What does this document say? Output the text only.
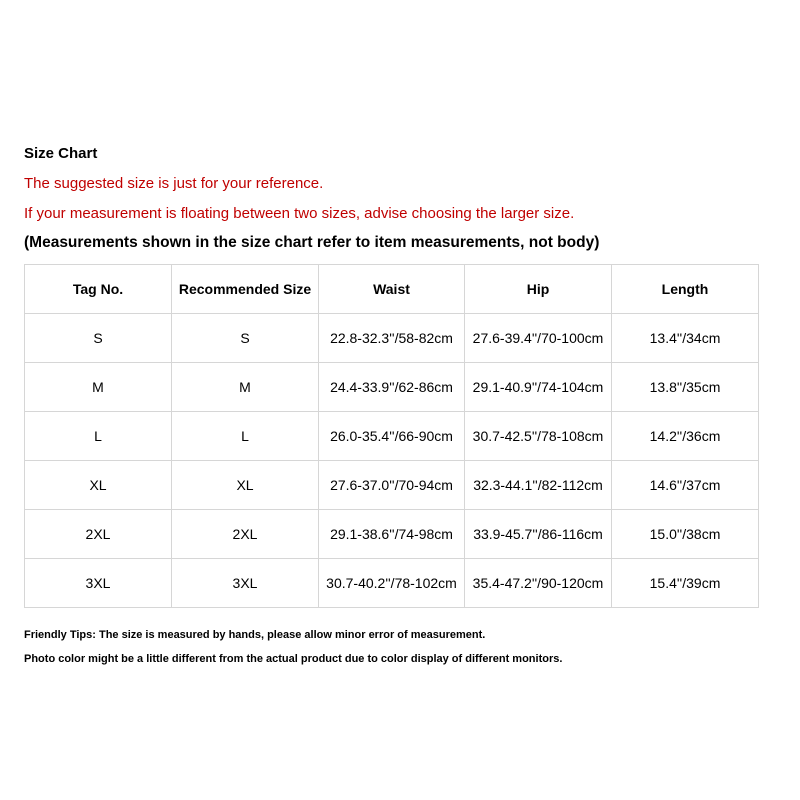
Size Chart
The suggested size is just for your reference.
If your measurement is floating between two sizes, advise choosing the larger size.
(Measurements shown in the size chart refer to item measurements, not body)
Tag No.	Recommended Size	Waist	Hip	Length
S	S	22.8-32.3''/58-82cm	27.6-39.4''/70-100cm	13.4''/34cm
M	M	24.4-33.9''/62-86cm	29.1-40.9''/74-104cm	13.8''/35cm
L	L	26.0-35.4''/66-90cm	30.7-42.5''/78-108cm	14.2''/36cm
XL	XL	27.6-37.0''/70-94cm	32.3-44.1''/82-112cm	14.6''/37cm
2XL	2XL	29.1-38.6''/74-98cm	33.9-45.7''/86-116cm	15.0''/38cm
3XL	3XL	30.7-40.2''/78-102cm	35.4-47.2''/90-120cm	15.4''/39cm
Friendly Tips: The size is measured by hands, please allow minor error of measurement.
Photo color might be a little different from the actual product due to color display of different monitors.
